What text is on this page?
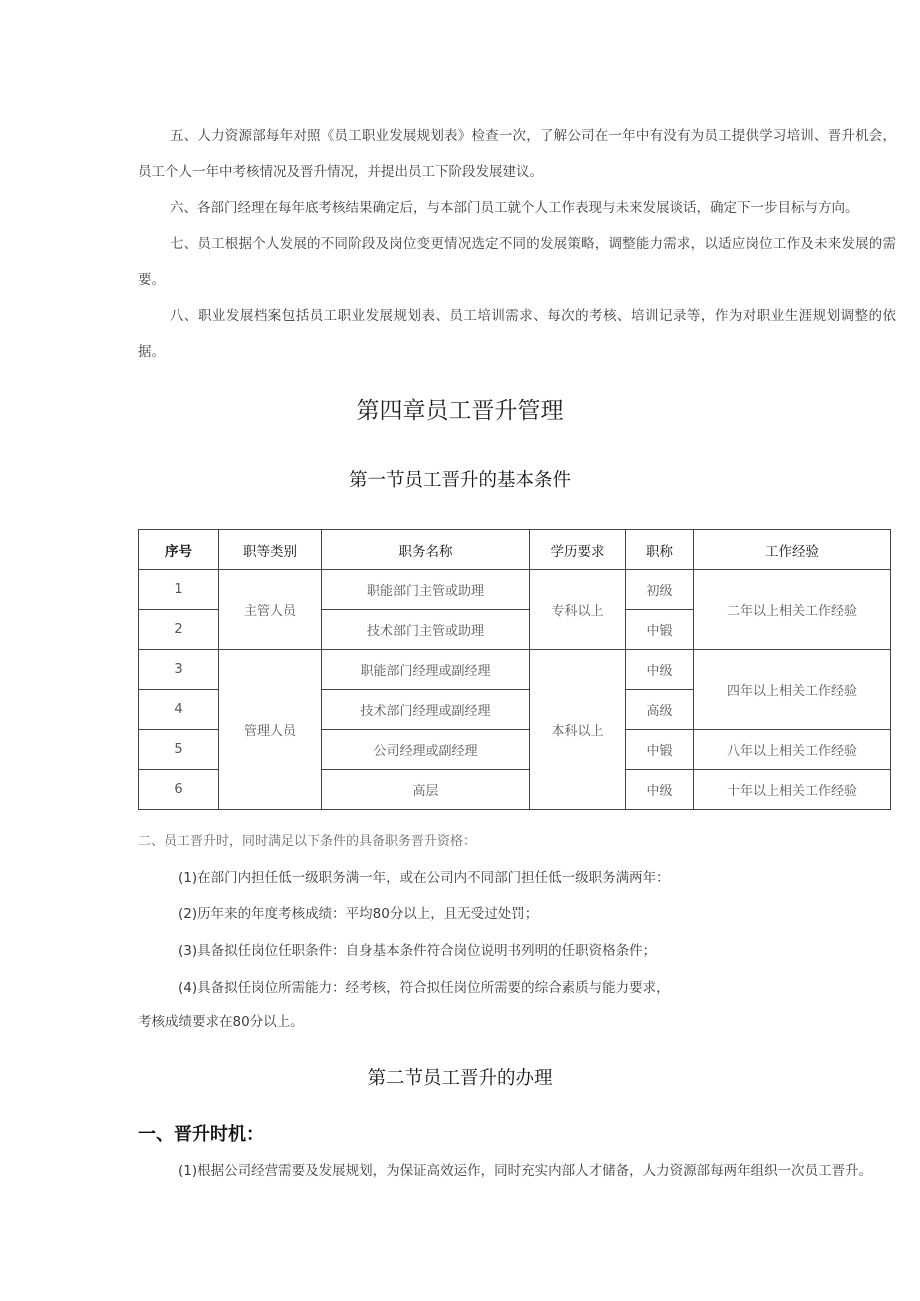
五、人力资源部每年对照《员工职业发展规划表》检查一次，了解公司在一年中有没有为员工提供学习培训、晋升机会，员工个人一年中考核情况及晋升情况，并提出员工下阶段发展建议。

六、各部门经理在每年底考核结果确定后，与本部门员工就个人工作表现与未来发展谈话，确定下一步目标与方向。

七、员工根据个人发展的不同阶段及岗位变更情况选定不同的发展策略，调整能力需求，以适应岗位工作及未来发展的需要。

八、职业发展档案包括员工职业发展规划表、员工培训需求、每次的考核、培训记录等，作为对职业生涯规划调整的依据。

第四章员工晋升管理
第一节员工晋升的基本条件
序号	职等类别	职务名称	学历要求	职称	工作经验
1	主管人员	职能部门主管或助理	专科以上	初级	二年以上相关工作经验
2		技术部门主管或助理		中锻	
3	管理人员	职能部门经理或副经理	本科以上	中级	四年以上相关工作经验
4		技术部门经理或副经理		高级	
5		公司经理或副经理		中锻	八年以上相关工作经验
6		高层		中级	十年以上相关工作经验

二、员工晋升时，同时满足以下条件的具备职务晋升资格：

(1)在部门内担任低一级职务满一年，或在公司内不同部门担任低一级职务满两年：

(2)历年来的年度考核成绩：平均80分以上，且无受过处罚；

(3)具备拟任岗位任职条件：自身基本条件符合岗位说明书列明的任职资格条件；

(4)具备拟任岗位所需能力：经考核，符合拟任岗位所需要的综合素质与能力要求，

考核成绩要求在80分以上。

第二节员工晋升的办理

一、晋升时机：

(1)根据公司经营需要及发展规划，为保证高效运作，同时充实内部人才储备，人力资源部每两年组织一次员工晋升。
